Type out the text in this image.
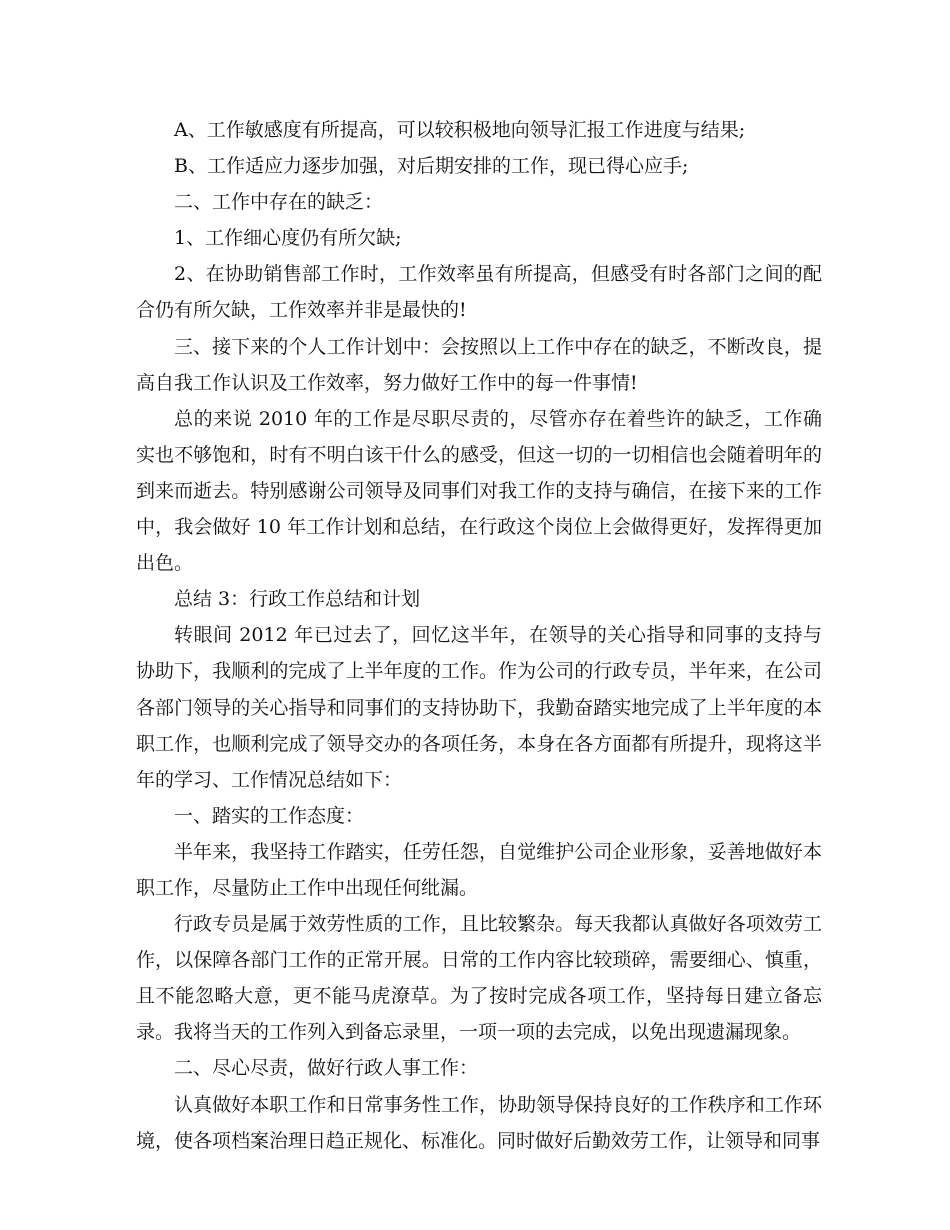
A、工作敏感度有所提高，可以较积极地向领导汇报工作进度与结果;

B、工作适应力逐步加强，对后期安排的工作，现已得心应手;

二、工作中存在的缺乏：

1、工作细心度仍有所欠缺;

2、在协助销售部工作时，工作效率虽有所提高，但感受有时各部门之间的配合仍有所欠缺，工作效率并非是最快的!

三、接下来的个人工作计划中：会按照以上工作中存在的缺乏，不断改良，提高自我工作认识及工作效率，努力做好工作中的每一件事情!

总的来说 2010 年的工作是尽职尽责的，尽管亦存在着些许的缺乏，工作确实也不够饱和，时有不明白该干什么的感受，但这一切的一切相信也会随着明年的到来而逝去。特别感谢公司领导及同事们对我工作的支持与确信，在接下来的工作中，我会做好 10 年工作计划和总结，在行政这个岗位上会做得更好，发挥得更加出色。

总结 3：行政工作总结和计划

转眼间 2012 年已过去了，回忆这半年，在领导的关心指导和同事的支持与协助下，我顺利的完成了上半年度的工作。作为公司的行政专员，半年来，在公司各部门领导的关心指导和同事们的支持协助下，我勤奋踏实地完成了上半年度的本职工作，也顺利完成了领导交办的各项任务，本身在各方面都有所提升，现将这半年的学习、工作情况总结如下：

一、踏实的工作态度：

半年来，我坚持工作踏实，任劳任怨，自觉维护公司企业形象，妥善地做好本职工作，尽量防止工作中出现任何纰漏。

行政专员是属于效劳性质的工作，且比较繁杂。每天我都认真做好各项效劳工作，以保障各部门工作的正常开展。日常的工作内容比较琐碎，需要细心、慎重，且不能忽略大意，更不能马虎潦草。为了按时完成各项工作，坚持每日建立备忘录。我将当天的工作列入到备忘录里，一项一项的去完成，以免出现遗漏现象。

二、尽心尽责，做好行政人事工作：

认真做好本职工作和日常事务性工作，协助领导保持良好的工作秩序和工作环境，使各项档案治理日趋正规化、标准化。同时做好后勤效劳工作，让领导和同事
